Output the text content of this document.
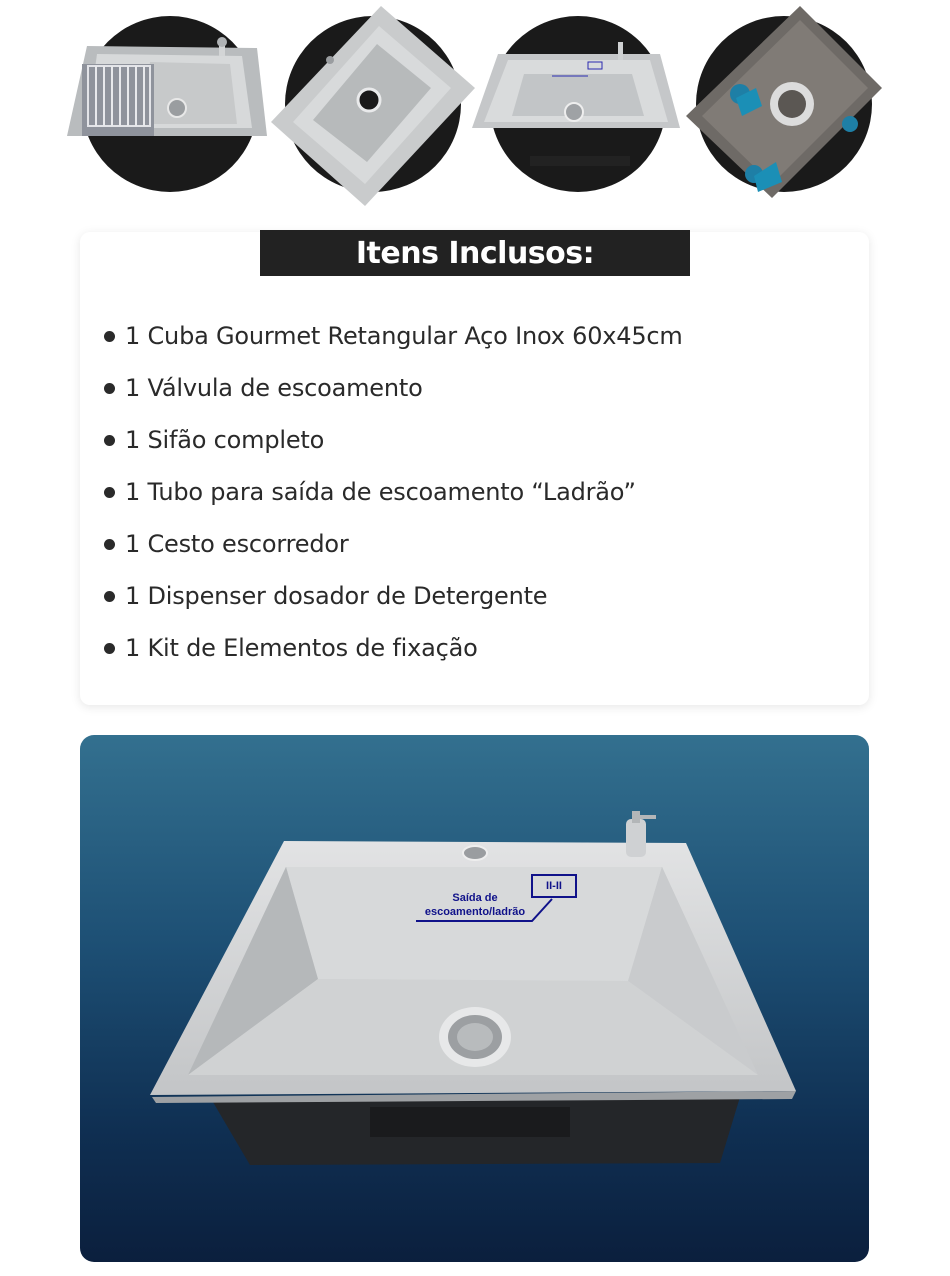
Itens Inclusos:
1 Cuba Gourmet Retangular Aço Inox 60x45cm
1 Válvula de escoamento
1 Sifão completo
1 Tubo para saída de escoamento “Ladrão”
1 Cesto escorredor
1 Dispenser dosador de Detergente
1 Kit de Elementos de fixação
II-II
Saída de
escoamento/ladrão
